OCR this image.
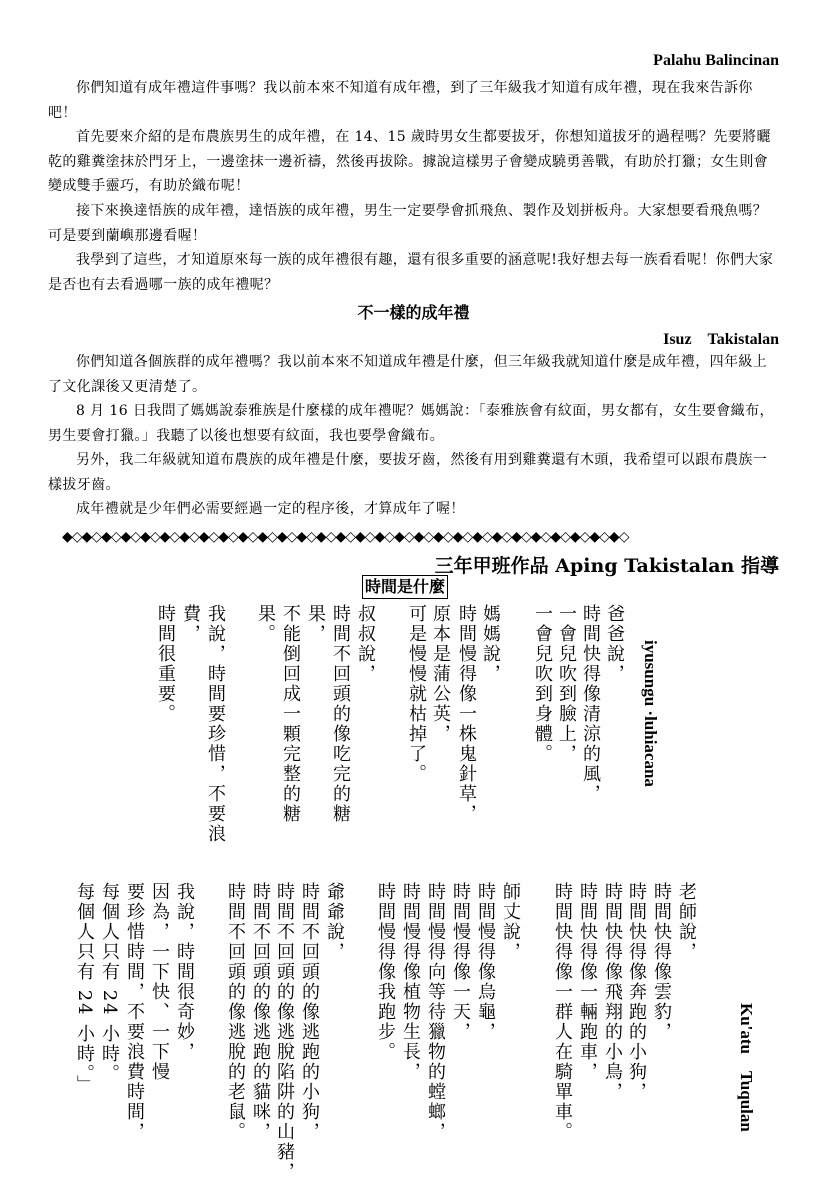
Palahu Balincinan
你們知道有成年禮這件事嗎？我以前本來不知道有成年禮，到了三年級我才知道有成年禮，現在我來告訴你吧！
首先要來介紹的是布農族男生的成年禮，在 14、15 歲時男女生都要拔牙，你想知道拔牙的過程嗎？先要將曬乾的雞糞塗抹於門牙上，一邊塗抹一邊祈禱，然後再拔除。據說這樣男子會變成驍勇善戰，有助於打獵；女生則會變成雙手靈巧，有助於織布呢！
接下來換達悟族的成年禮，達悟族的成年禮，男生一定要學會抓飛魚、製作及划拼板舟。大家想要看飛魚嗎？可是要到蘭嶼那邊看喔！
我學到了這些，才知道原來每一族的成年禮很有趣，還有很多重要的涵意呢!我好想去每一族看看呢！你們大家是否也有去看過哪一族的成年禮呢？
不一樣的成年禮
Isuz　Takistalan
你們知道各個族群的成年禮嗎？我以前本來不知道成年禮是什麼，但三年級我就知道什麼是成年禮，四年級上了文化課後又更清楚了。
8 月 16 日我問了媽媽說泰雅族是什麼樣的成年禮呢？媽媽說：「泰雅族會有紋面，男女都有，女生要會織布，男生要會打獵。」我聽了以後也想要有紋面，我也要學會織布。
另外，我二年級就知道布農族的成年禮是什麼，要拔牙齒，然後有用到雞糞還有木頭，我希望可以跟布農族一樣拔牙齒。
成年禮就是少年們必需要經過一定的程序後，才算成年了喔！
◆◇◆◇◆◇◆◇◆◇◆◇◆◇◆◇◆◇◆◇◆◇◆◇◆◇◆◇◆◇◆◇◆◇◆◇◆◇◆◇◆◇◆◇◆◇◆◇◆◇◆◇◆◇◆◇◆◇
三年甲班作品 Aping Takistalan 指導
時間是什麼
iyusungu ·luhiacana
爸爸說，
時間快得像清涼的風，
一會兒吹到臉上，
一會兒吹到身體。
媽媽說，
時間慢得像一株鬼針草，
原本是蒲公英，
可是慢慢就枯掉了。
叔叔說，
時間不回頭的像吃完的糖
果，
不能倒回成一顆完整的糖
果。
我說，時間要珍惜，不要浪
費，
時間很重要。
Ku'atu　Tuqulan
老師說，
時間快得像雲豹，
時間快得像奔跑的小狗，
時間快得像飛翔的小鳥，
時間快得像一輛跑車，
時間快得像一群人在騎單車。
師丈說，
時間慢得像烏龜，
時間慢得像一天，
時間慢得向等待獵物的螳螂，
時間慢得像植物生長，
時間慢得像我跑步。
爺爺說，
時間不回頭的像逃跑的小狗，
時間不回頭的像逃脫陷阱的山豬，
時間不回頭的像逃跑的貓咪，
時間不回頭的像逃脫的老鼠。
我說，時間很奇妙，
因為，一下快、一下慢
要珍惜時間，不要浪費時間，
每個人只有 24 小時。
每個人只有 24 小時。」
